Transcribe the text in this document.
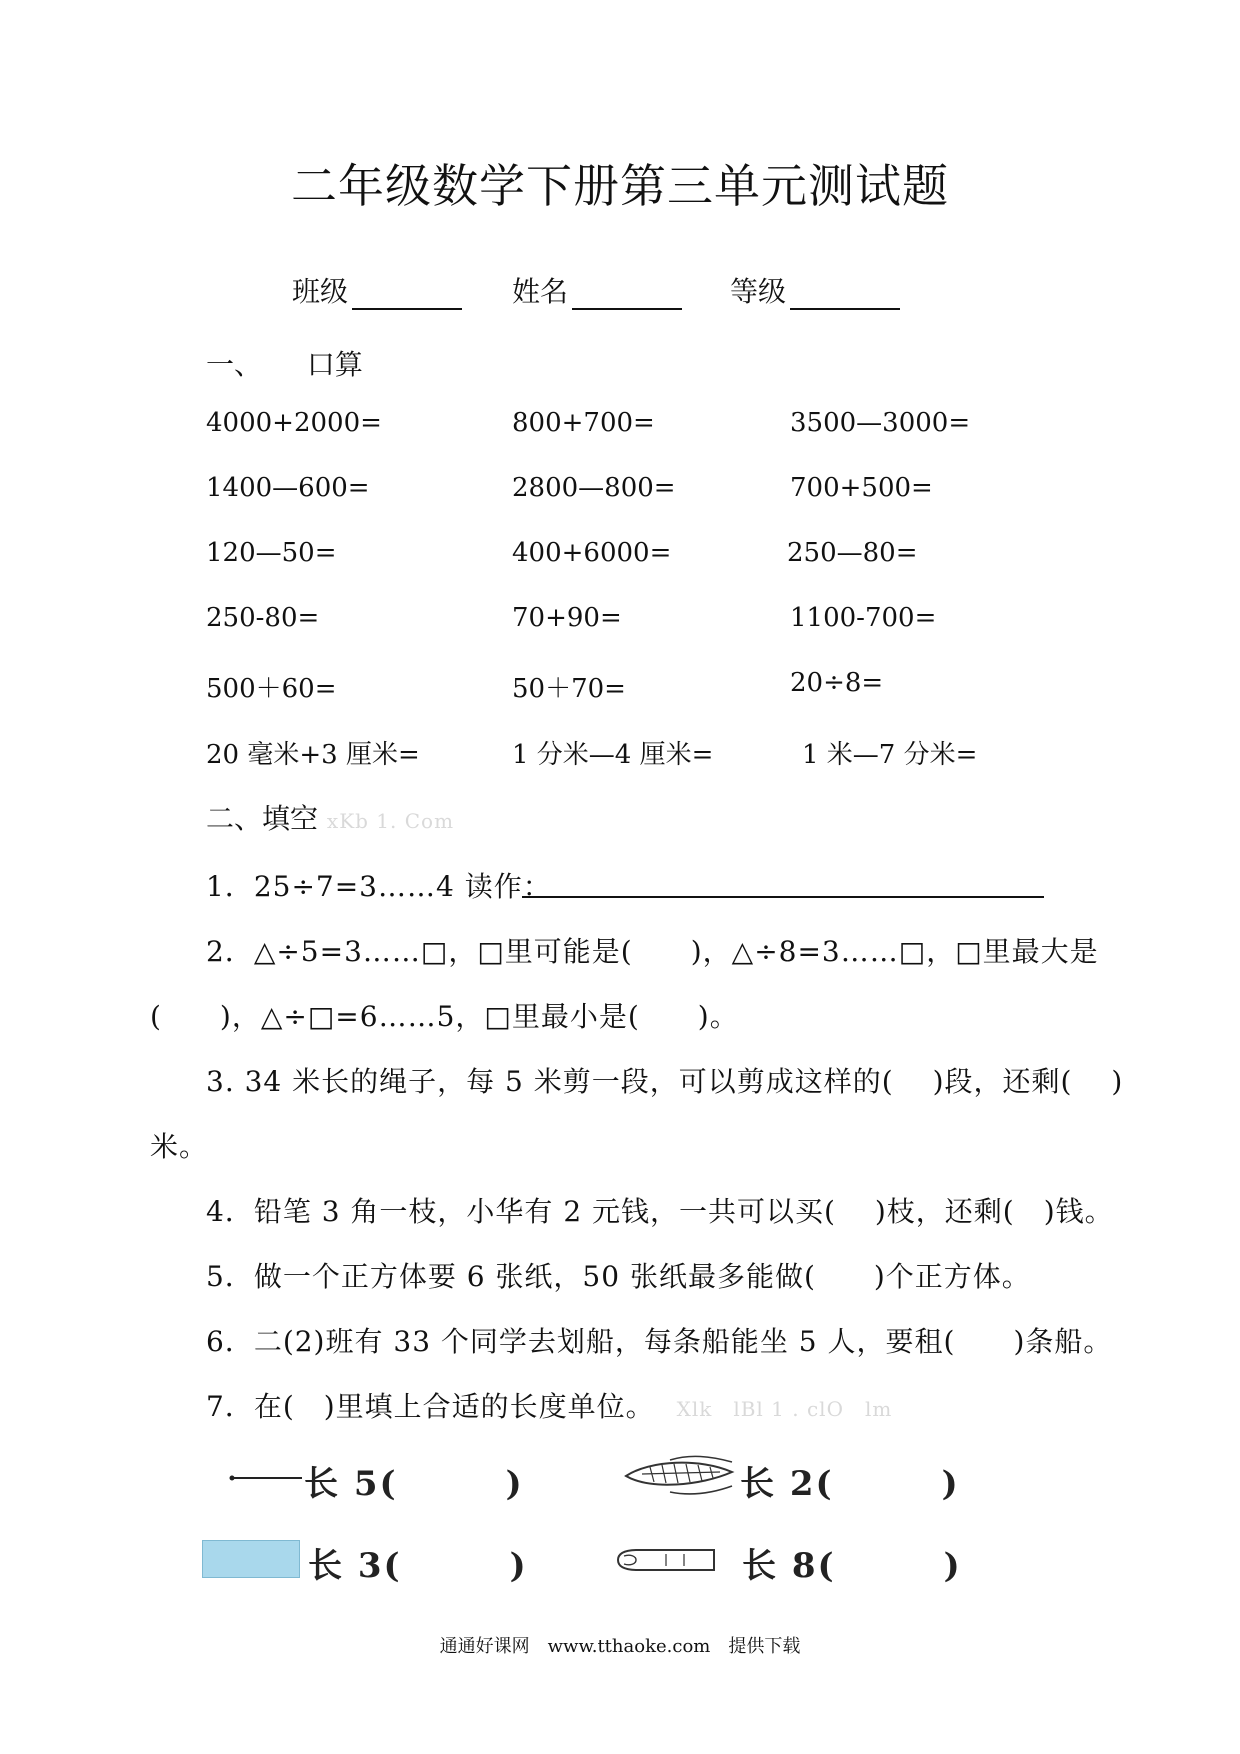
二年级数学下册第三单元测试题
班级	姓名	等级
一、 口算
4000+2000=	800+700=	3500—3000=
1400—600=	2800—800=	700+500=
120—50=	400+6000=	250—80=
250-80=	70+90=	1100-700=
500＋60=	50＋70=	20÷8=
20 毫米+3 厘米=	1 分米—4 厘米=	1 米—7 分米=
二、填空 xKb 1. Com
1．25÷7=3……4 读作：
2．△÷5=3……□，□里可能是(　　)，△÷8=3……□，□里最大是
(　　)，△÷□=6……5，□里最小是(　　)。
3. 34 米长的绳子，每 5 米剪一段，可以剪成这样的(　 )段，还剩(　 )
米。
4．铅笔 3 角一枝，小华有 2 元钱，一共可以买(　 )枝，还剩(　)钱。
5．做一个正方体要 6 张纸，50 张纸最多能做(　　)个正方体。
6．二(2)班有 33 个同学去划船，每条船能坐 5 人，要租(　　)条船。
7．在(　)里填上合适的长度单位。 Xlk　lBl 1 . clO　lm
长 5(　　　)	长 2(　　　)
长 3(　　　)	长 8(　　　)
通通好课网　www.tthaoke.com　提供下载
